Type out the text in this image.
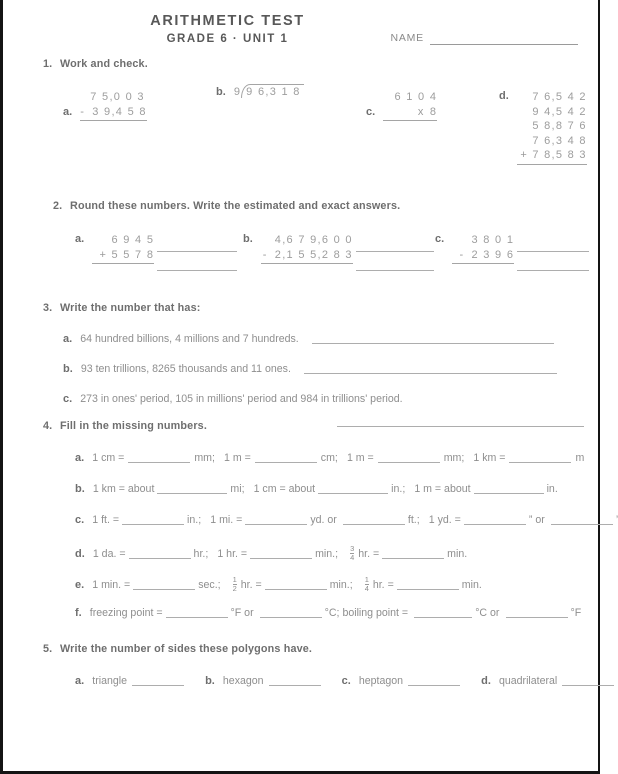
ARITHMETIC TEST
GRADE 6 · UNIT 1	NAME
1. Work and check.
a.
7 5,0 0 3
- 3 9,4 5 8
b. 9 9 6,3 1 8
c.
6 1 0 4
x 8
d.	7 6,5 4 2
9 4,5 4 2
5 8,8 7 6
7 6,3 4 8
+ 7 8,5 8 3
2. Round these numbers. Write the estimated and exact answers.
a.	6 9 4 5
+ 5 5 7 8

b.	4,6 7 9,6 0 0
- 2,1 5 5,2 8 3

c.	3 8 0 1
- 2 3 9 6

3. Write the number that has:
a. 64 hundred billions, 4 millions and 7 hundreds.
b. 93 ten trillions, 8265 thousands and 11 ones.
c. 273 in ones' period, 105 in millions' period and 984 in trillions' period.
4. Fill in the missing numbers.
a. 1 cm =	mm; 1 m =	cm; 1 m =	mm; 1 km =	m
b. 1 km = about	mi; 1 cm = about	in.; 1 m = about	in.
c. 1 ft. =	in.; 1 mi. =	yd. or	ft.; 1 yd. =	” or	’
d. 1 da. =	hr.; 1 hr. =	min.; $\frac{3}{4}$ hr. =	min.
e. 1 min. =	sec.; $\frac{1}{2}$ hr. =	min.; $\frac{1}{4}$ hr. =	min.
f. freezing point =	°F or	°C; boiling point =	°C or	°F
5. Write the number of sides these polygons have.
a. triangle	b. hexagon	c. heptagon	d. quadrilateral
